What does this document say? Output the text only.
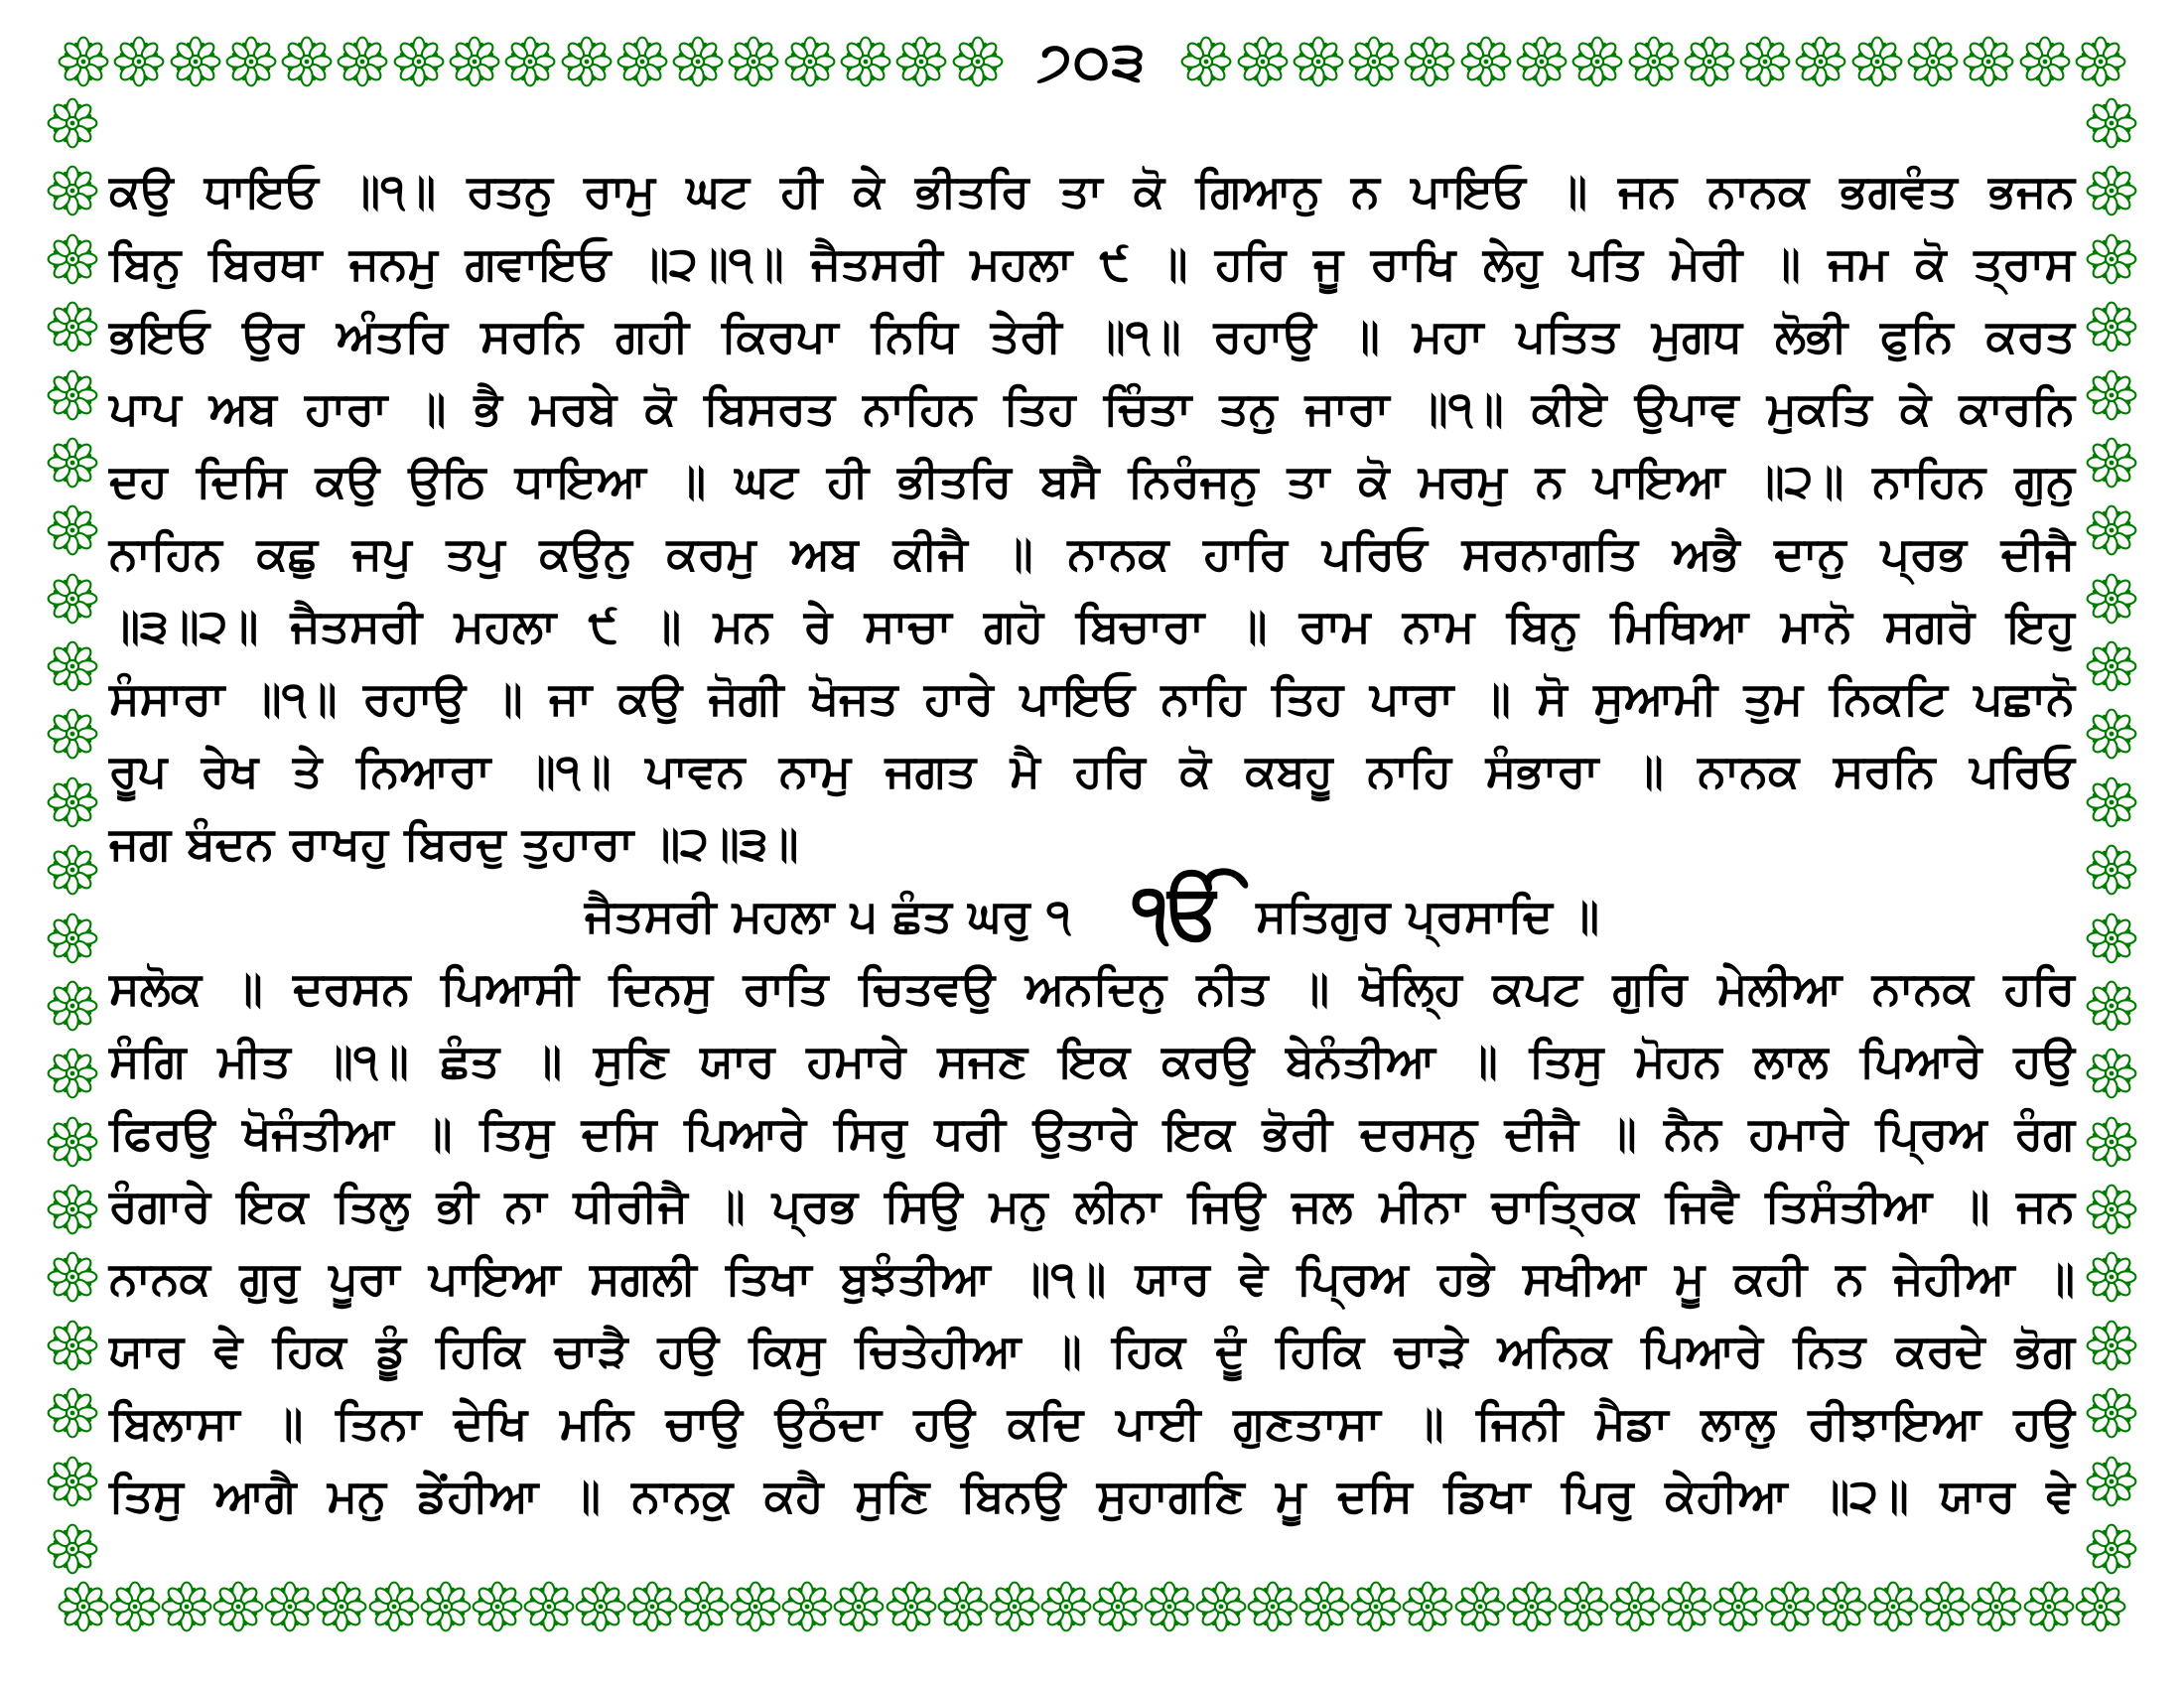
੭੦੩
ਕਉ ਧਾਇਓ ॥੧॥ ਰਤਨੁ ਰਾਮੁ ਘਟ ਹੀ ਕੇ ਭੀਤਰਿ ਤਾ ਕੋ ਗਿਆਨੁ ਨ ਪਾਇਓ ॥ ਜਨ ਨਾਨਕ ਭਗਵੰਤ ਭਜਨ
ਬਿਨੁ ਬਿਰਥਾ ਜਨਮੁ ਗਵਾਇਓ ॥੨॥੧॥ ਜੈਤਸਰੀ ਮਹਲਾ ੯ ॥ ਹਰਿ ਜੂ ਰਾਖਿ ਲੇਹੁ ਪਤਿ ਮੇਰੀ ॥ ਜਮ ਕੋ ਤ੍ਰਾਸ
ਭਇਓ ਉਰ ਅੰਤਰਿ ਸਰਨਿ ਗਹੀ ਕਿਰਪਾ ਨਿਧਿ ਤੇਰੀ ॥੧॥ ਰਹਾਉ ॥ ਮਹਾ ਪਤਿਤ ਮੁਗਧ ਲੋਭੀ ਫੁਨਿ ਕਰਤ
ਪਾਪ ਅਬ ਹਾਰਾ ॥ ਭੈ ਮਰਬੇ ਕੋ ਬਿਸਰਤ ਨਾਹਿਨ ਤਿਹ ਚਿੰਤਾ ਤਨੁ ਜਾਰਾ ॥੧॥ ਕੀਏ ਉਪਾਵ ਮੁਕਤਿ ਕੇ ਕਾਰਨਿ
ਦਹ ਦਿਸਿ ਕਉ ਉਠਿ ਧਾਇਆ ॥ ਘਟ ਹੀ ਭੀਤਰਿ ਬਸੈ ਨਿਰੰਜਨੁ ਤਾ ਕੋ ਮਰਮੁ ਨ ਪਾਇਆ ॥੨॥ ਨਾਹਿਨ ਗੁਨੁ
ਨਾਹਿਨ ਕਛੁ ਜਪੁ ਤਪੁ ਕਉਨੁ ਕਰਮੁ ਅਬ ਕੀਜੈ ॥ ਨਾਨਕ ਹਾਰਿ ਪਰਿਓ ਸਰਨਾਗਤਿ ਅਭੈ ਦਾਨੁ ਪ੍ਰਭ ਦੀਜੈ
॥੩॥੨॥ ਜੈਤਸਰੀ ਮਹਲਾ ੯ ॥ ਮਨ ਰੇ ਸਾਚਾ ਗਹੋ ਬਿਚਾਰਾ ॥ ਰਾਮ ਨਾਮ ਬਿਨੁ ਮਿਥਿਆ ਮਾਨੋ ਸਗਰੋ ਇਹੁ
ਸੰਸਾਰਾ ॥੧॥ ਰਹਾਉ ॥ ਜਾ ਕਉ ਜੋਗੀ ਖੋਜਤ ਹਾਰੇ ਪਾਇਓ ਨਾਹਿ ਤਿਹ ਪਾਰਾ ॥ ਸੋ ਸੁਆਮੀ ਤੁਮ ਨਿਕਟਿ ਪਛਾਨੋ
ਰੂਪ ਰੇਖ ਤੇ ਨਿਆਰਾ ॥੧॥ ਪਾਵਨ ਨਾਮੁ ਜਗਤ ਮੈ ਹਰਿ ਕੋ ਕਬਹੂ ਨਾਹਿ ਸੰਭਾਰਾ ॥ ਨਾਨਕ ਸਰਨਿ ਪਰਿਓ
ਜਗ ਬੰਦਨ ਰਾਖਹੁ ਬਿਰਦੁ ਤੁਹਾਰਾ ॥੨॥੩॥
ਜੈਤਸਰੀ ਮਹਲਾ ੫ ਛੰਤ ਘਰੁ ੧ ੴ ਸਤਿਗੁਰ ਪ੍ਰਸਾਦਿ ॥
ਸਲੋਕ ॥ ਦਰਸਨ ਪਿਆਸੀ ਦਿਨਸੁ ਰਾਤਿ ਚਿਤਵਉ ਅਨਦਿਨੁ ਨੀਤ ॥ ਖੋਲ੍ਹਿ ਕਪਟ ਗੁਰਿ ਮੇਲੀਆ ਨਾਨਕ ਹਰਿ
ਸੰਗਿ ਮੀਤ ॥੧॥ ਛੰਤ ॥ ਸੁਣਿ ਯਾਰ ਹਮਾਰੇ ਸਜਣ ਇਕ ਕਰਉ ਬੇਨੰਤੀਆ ॥ ਤਿਸੁ ਮੋਹਨ ਲਾਲ ਪਿਆਰੇ ਹਉ
ਫਿਰਉ ਖੋਜੰਤੀਆ ॥ ਤਿਸੁ ਦਸਿ ਪਿਆਰੇ ਸਿਰੁ ਧਰੀ ਉਤਾਰੇ ਇਕ ਭੋਰੀ ਦਰਸਨੁ ਦੀਜੈ ॥ ਨੈਨ ਹਮਾਰੇ ਪ੍ਰਿਅ ਰੰਗ
ਰੰਗਾਰੇ ਇਕ ਤਿਲੁ ਭੀ ਨਾ ਧੀਰੀਜੈ ॥ ਪ੍ਰਭ ਸਿਉ ਮਨੁ ਲੀਨਾ ਜਿਉ ਜਲ ਮੀਨਾ ਚਾਤ੍ਰਿਕ ਜਿਵੈ ਤਿਸੰਤੀਆ ॥ ਜਨ
ਨਾਨਕ ਗੁਰੁ ਪੂਰਾ ਪਾਇਆ ਸਗਲੀ ਤਿਖਾ ਬੁਝੰਤੀਆ ॥੧॥ ਯਾਰ ਵੇ ਪ੍ਰਿਅ ਹਭੇ ਸਖੀਆ ਮੂ ਕਹੀ ਨ ਜੇਹੀਆ ॥
ਯਾਰ ਵੇ ਹਿਕ ਡੂੰ ਹਿਕਿ ਚਾੜੈ ਹਉ ਕਿਸੁ ਚਿਤੇਹੀਆ ॥ ਹਿਕ ਦੂੰ ਹਿਕਿ ਚਾੜੇ ਅਨਿਕ ਪਿਆਰੇ ਨਿਤ ਕਰਦੇ ਭੋਗ
ਬਿਲਾਸਾ ॥ ਤਿਨਾ ਦੇਖਿ ਮਨਿ ਚਾਉ ਉਠੰਦਾ ਹਉ ਕਦਿ ਪਾਈ ਗੁਣਤਾਸਾ ॥ ਜਿਨੀ ਮੈਡਾ ਲਾਲੁ ਰੀਝਾਇਆ ਹਉ
ਤਿਸੁ ਆਗੈ ਮਨੁ ਡੇਂਹੀਆ ॥ ਨਾਨਕੁ ਕਹੈ ਸੁਣਿ ਬਿਨਉ ਸੁਹਾਗਣਿ ਮੂ ਦਸਿ ਡਿਖਾ ਪਿਰੁ ਕੇਹੀਆ ॥੨॥ ਯਾਰ ਵੇ
